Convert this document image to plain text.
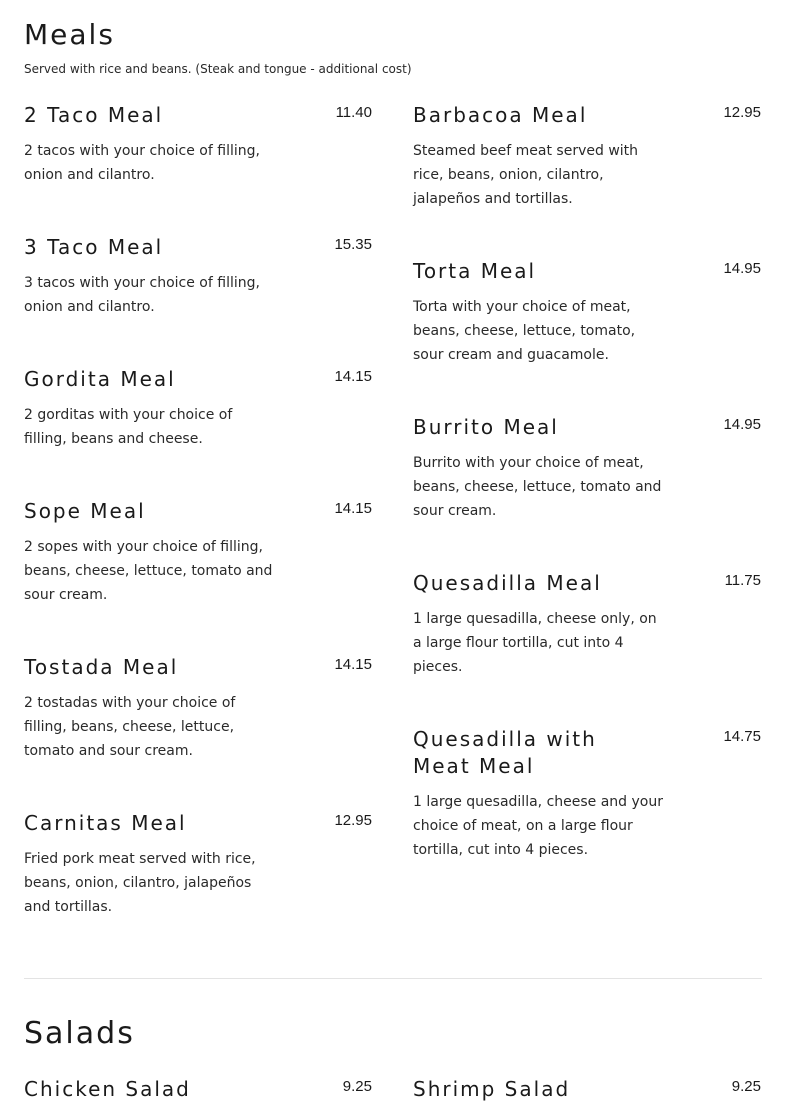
Meals
Served with rice and beans. (Steak and tongue - additional cost)
2 Taco Meal	11.40
2 tacos with your choice of filling, onion and cilantro.
3 Taco Meal	15.35
3 tacos with your choice of filling, onion and cilantro.
Gordita Meal	14.15
2 gorditas with your choice of filling, beans and cheese.
Sope Meal	14.15
2 sopes with your choice of filling, beans, cheese, lettuce, tomato and sour cream.
Tostada Meal	14.15
2 tostadas with your choice of filling, beans, cheese, lettuce, tomato and sour cream.
Carnitas Meal	12.95
Fried pork meat served with rice, beans, onion, cilantro, jalapeños and tortillas.
Barbacoa Meal	12.95
Steamed beef meat served with rice, beans, onion, cilantro, jalapeños and tortillas.
Torta Meal	14.95
Torta with your choice of meat, beans, cheese, lettuce, tomato, sour cream and guacamole.
Burrito Meal	14.95
Burrito with your choice of meat, beans, cheese, lettuce, tomato and sour cream.
Quesadilla Meal	11.75
1 large quesadilla, cheese only, on a large flour tortilla, cut into 4 pieces.
Quesadilla with Meat Meal
14.75
1 large quesadilla, cheese and your choice of meat, on a large flour tortilla, cut into 4 pieces.
Salads
Chicken Salad	9.25 Shrimp Salad	9.25
